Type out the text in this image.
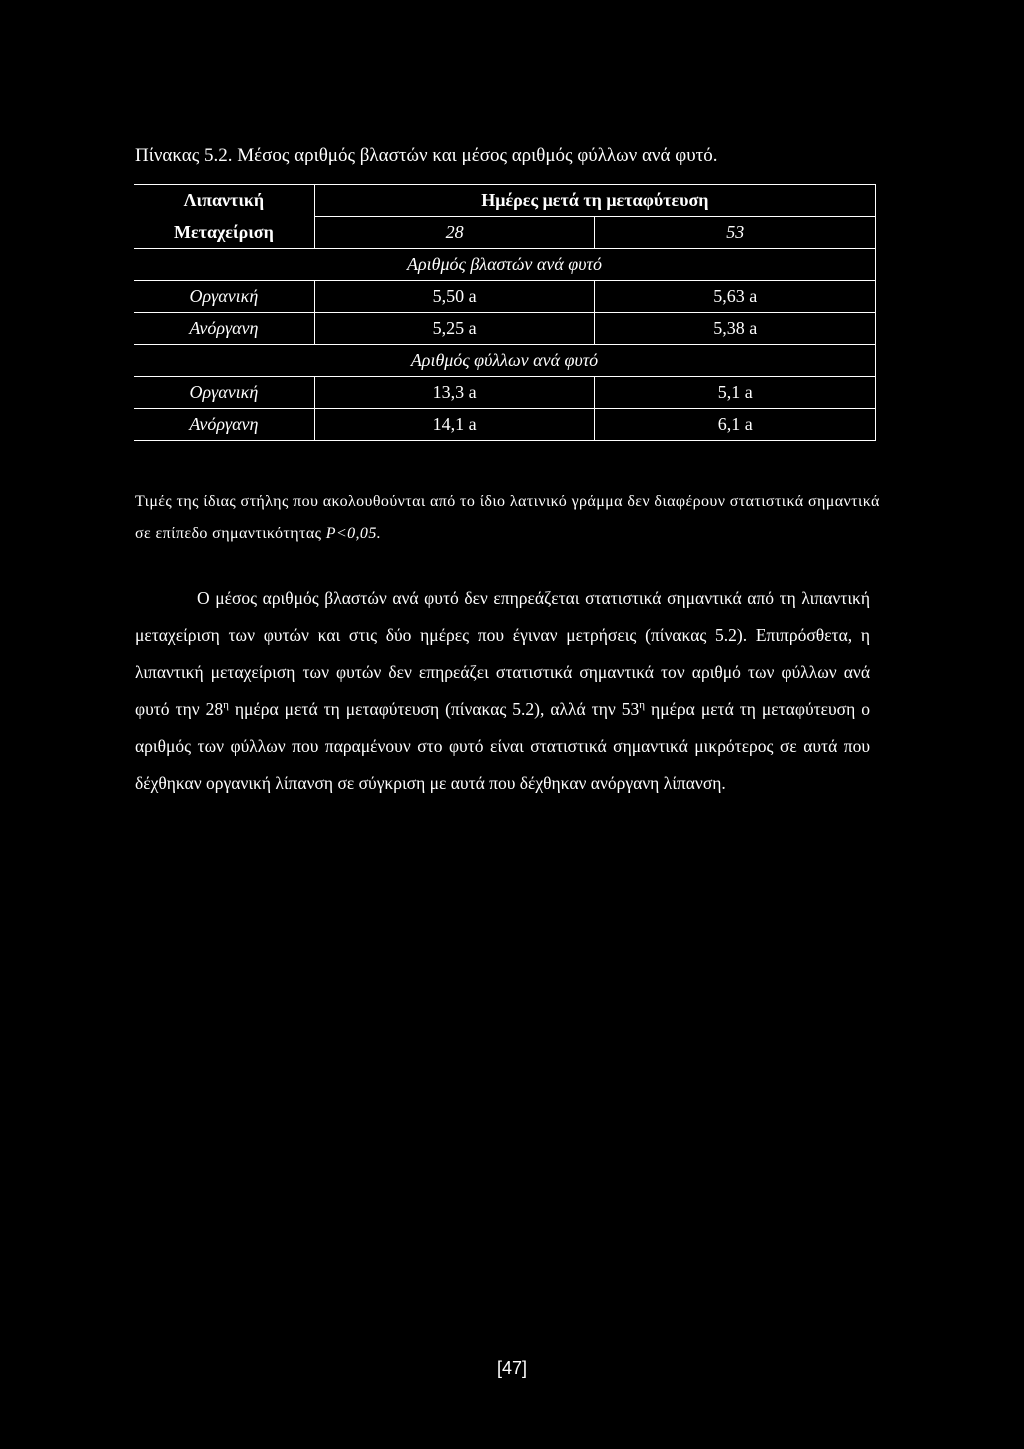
Πίνακας 5.2. Μέσος αριθμός βλαστών και μέσος αριθμός φύλλων ανά φυτό.
Λιπαντική	Ημέρες μετά τη μεταφύτευση	
Μεταχείριση	28	53
Αριθμός βλαστών ανά φυτό		
Οργανική	5,50 a	5,63 a
Ανόργανη	5,25 a	5,38 a
Αριθμός φύλλων ανά φυτό		
Οργανική	13,3 a	5,1 a
Ανόργανη	14,1 a	6,1 a
Τιμές της ίδιας στήλης που ακολουθούνται από το ίδιο λατινικό γράμμα δεν διαφέρουν στατιστικά σημαντικά σε επίπεδο σημαντικότητας P<0,05.
Ο μέσος αριθμός βλαστών ανά φυτό δεν επηρεάζεται στατιστικά σημαντικά από τη λιπαντική μεταχείριση των φυτών και στις δύο ημέρες που έγιναν μετρήσεις (πίνακας 5.2). Επιπρόσθετα, η λιπαντική μεταχείριση των φυτών δεν επηρεάζει στατιστικά σημαντικά τον αριθμό των φύλλων ανά φυτό την $28^\eta$ ημέρα μετά τη μεταφύτευση (πίνακας 5.2), αλλά την $53^\eta$ ημέρα μετά τη μεταφύτευση ο αριθμός των φύλλων που παραμένουν στο φυτό είναι στατιστικά σημαντικά μικρότερος σε αυτά που δέχθηκαν οργανική λίπανση σε σύγκριση με αυτά που δέχθηκαν ανόργανη λίπανση.
[47]
